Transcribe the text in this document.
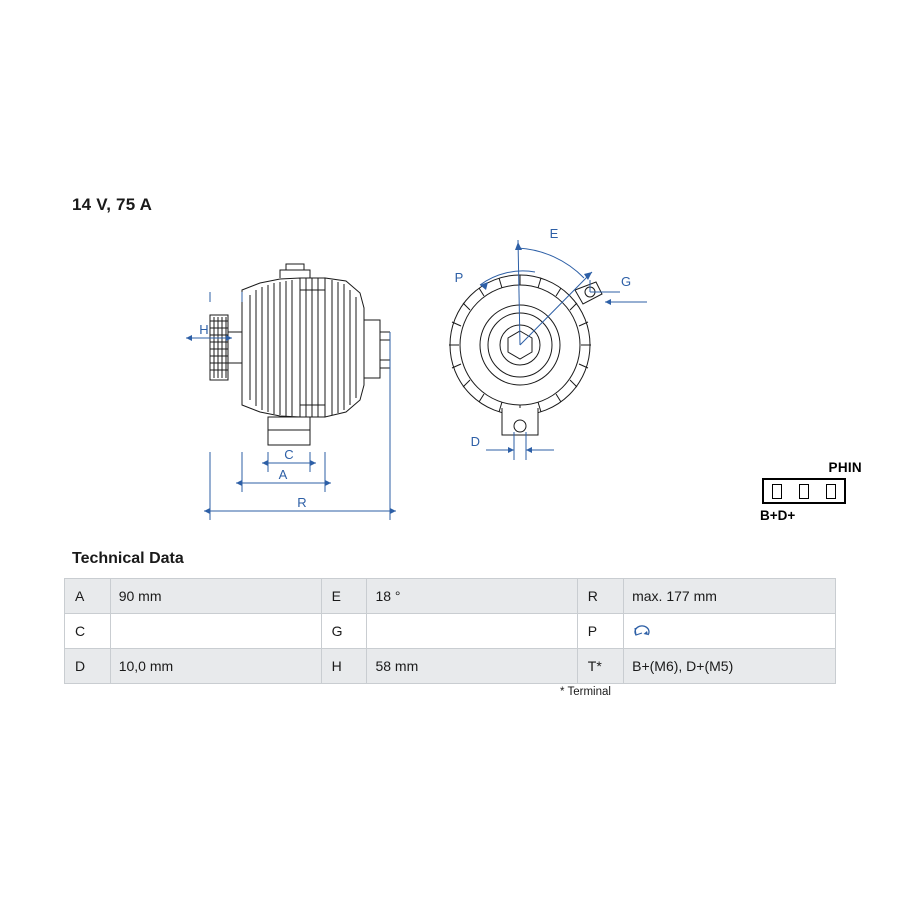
14 V, 75 A
H
C
A
R
E
P	G
D
PHIN
B+D+
Technical Data
A	90 mm	E	18 °	R	max. 177 mm
C		G		P	

D	10,0 mm	H	58 mm	T*	B+(M6), D+(M5)
* Terminal
